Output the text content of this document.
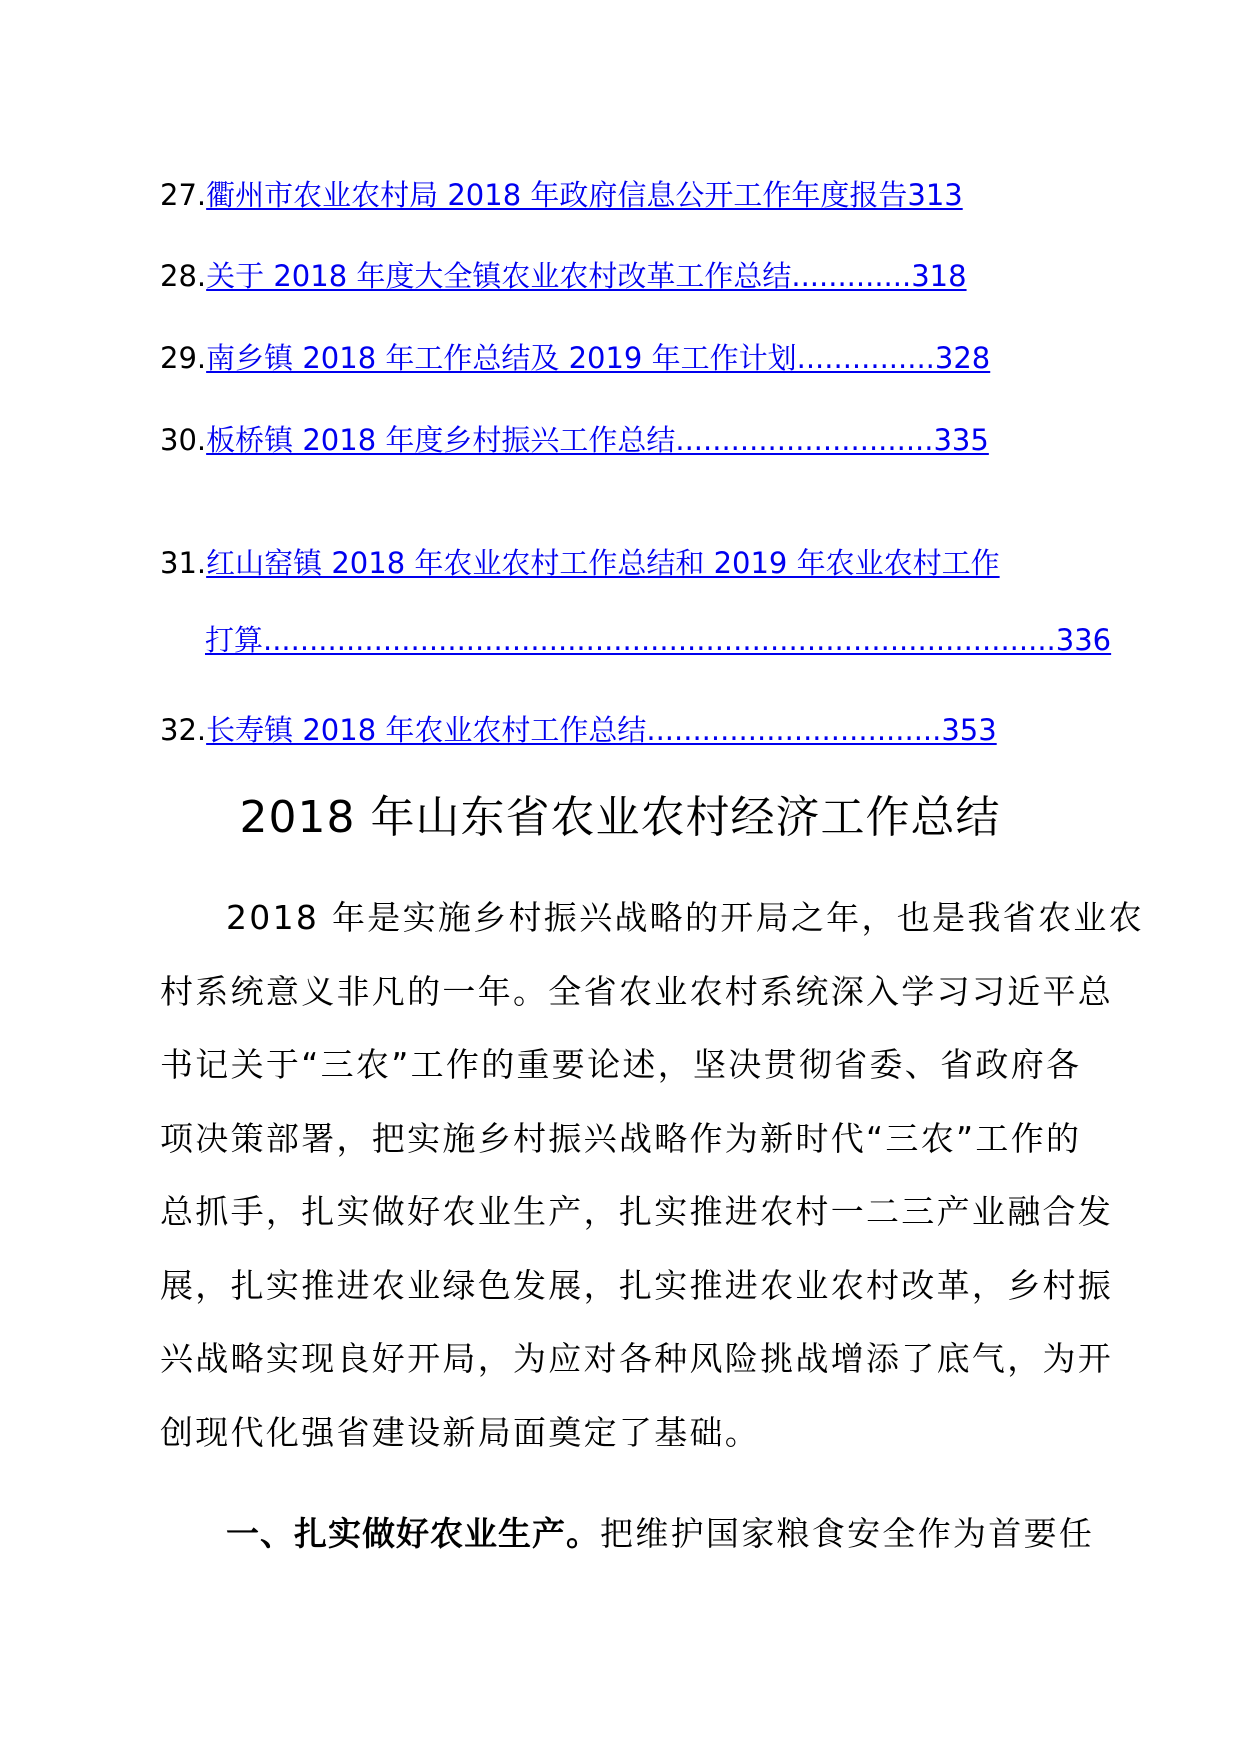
27.衢州市农业农村局 2018 年政府信息公开工作年度报告313
28.关于 2018 年度大全镇农业农村改革工作总结.............318
29.南乡镇 2018 年工作总结及 2019 年工作计划...............328
30.板桥镇 2018 年度乡村振兴工作总结............................335
31.红山窑镇 2018 年农业农村工作总结和 2019 年农业农村工作
打算......................................................................................336
32.长寿镇 2018 年农业农村工作总结................................353
2018 年山东省农业农村经济工作总结
2018 年是实施乡村振兴战略的开局之年，也是我省农业农
村系统意义非凡的一年。全省农业农村系统深入学习习近平总
书记关于“三农”工作的重要论述，坚决贯彻省委、省政府各
项决策部署，把实施乡村振兴战略作为新时代“三农”工作的
总抓手，扎实做好农业生产，扎实推进农村一二三产业融合发
展，扎实推进农业绿色发展，扎实推进农业农村改革，乡村振
兴战略实现良好开局，为应对各种风险挑战增添了底气，为开
创现代化强省建设新局面奠定了基础。
一、扎实做好农业生产。把维护国家粮食安全作为首要任
